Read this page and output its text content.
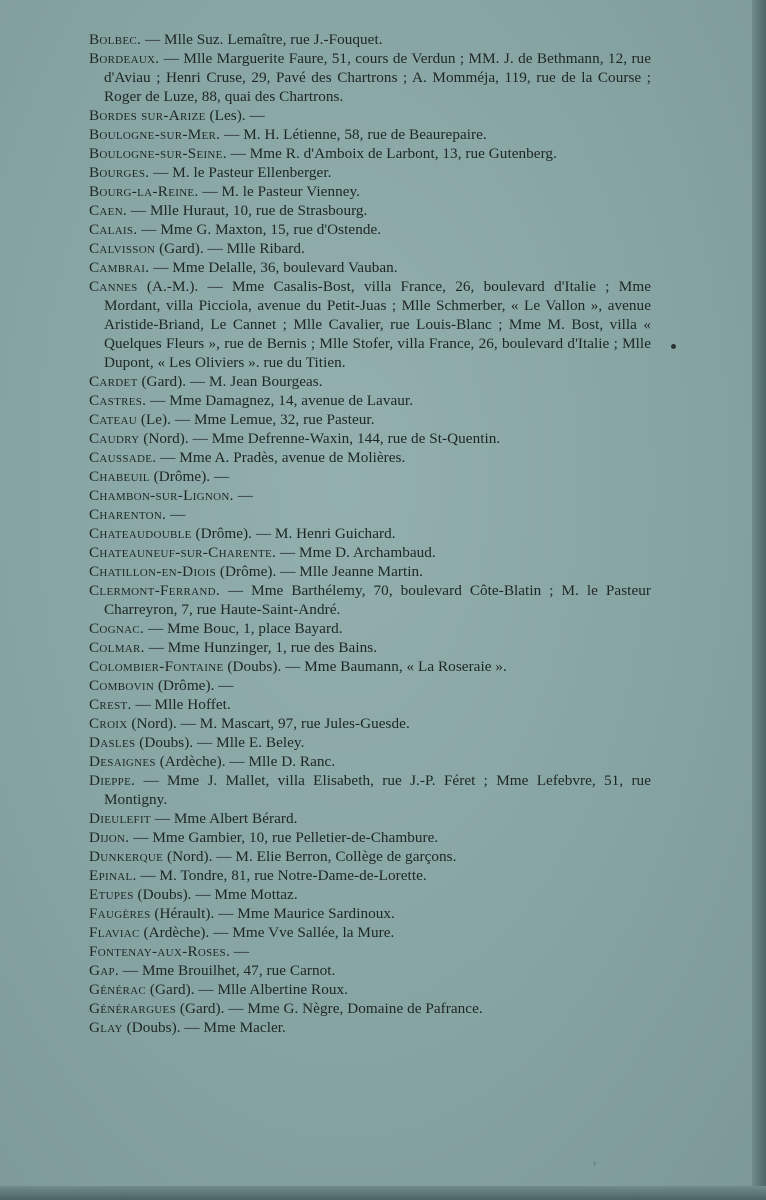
›

Bolbec. — Mlle Suz. Lemaître, rue J.-Fouquet.

Bordeaux. — Mlle Marguerite Faure, 51, cours de Verdun ; MM. J. de Bethmann, 12, rue d'Aviau ; Henri Cruse, 29, Pavé des Chartrons ; A. Momméja, 119, rue de la Course ; Roger de Luze, 88, quai des Chartrons.

Bordes sur-Arize (Les). —

Boulogne-sur-Mer. — M. H. Létienne, 58, rue de Beaurepaire.

Boulogne-sur-Seine. — Mme R. d'Amboix de Larbont, 13, rue Gutenberg.

Bourges. — M. le Pasteur Ellenberger.

Bourg-la-Reine. — M. le Pasteur Vienney.

Caen. — Mlle Huraut, 10, rue de Strasbourg.

Calais. — Mme G. Maxton, 15, rue d'Ostende.

Calvisson (Gard). — Mlle Ribard.

Cambrai. — Mme Delalle, 36, boulevard Vauban.

Cannes (A.-M.). — Mme Casalis-Bost, villa France, 26, boulevard d'Italie ; Mme Mordant, villa Picciola, avenue du Petit-Juas ; Mlle Schmerber, « Le Vallon », avenue Aristide-Briand, Le Cannet ; Mlle Cavalier, rue Louis-Blanc ; Mme M. Bost, villa « Quelques Fleurs », rue de Bernis ; Mlle Stofer, villa France, 26, boulevard d'Italie ; Mlle Dupont, « Les Oliviers ». rue du Titien.

Cardet (Gard). — M. Jean Bourgeas.

Castres. — Mme Damagnez, 14, avenue de Lavaur.

Cateau (Le). — Mme Lemue, 32, rue Pasteur.

Caudry (Nord). — Mme Defrenne-Waxin, 144, rue de St-Quentin.

Caussade. — Mme A. Pradès, avenue de Molières.

Chabeuil (Drôme). —

Chambon-sur-Lignon. —

Charenton. —

Chateaudouble (Drôme). — M. Henri Guichard.

Chateauneuf-sur-Charente. — Mme D. Archambaud.

Chatillon-en-Diois (Drôme). — Mlle Jeanne Martin.

Clermont-Ferrand. — Mme Barthélemy, 70, boulevard Côte-Blatin ; M. le Pasteur Charreyron, 7, rue Haute-Saint-André.

Cognac. — Mme Bouc, 1, place Bayard.

Colmar. — Mme Hunzinger, 1, rue des Bains.

Colombier-Fontaine (Doubs). — Mme Baumann, « La Roseraie ».

Combovin (Drôme). —

Crest. — Mlle Hoffet.

Croix (Nord). — M. Mascart, 97, rue Jules-Guesde.

Dasles (Doubs). — Mlle E. Beley.

Desaignes (Ardèche). — Mlle D. Ranc.

Dieppe. — Mme J. Mallet, villa Elisabeth, rue J.-P. Féret ; Mme Lefebvre, 51, rue Montigny.

Dieulefit — Mme Albert Bérard.

Dijon. — Mme Gambier, 10, rue Pelletier-de-Chambure.

Dunkerque (Nord). — M. Elie Berron, Collège de garçons.

Epinal. — M. Tondre, 81, rue Notre-Dame-de-Lorette.

Etupes (Doubs). — Mme Mottaz.

Faugères (Hérault). — Mme Maurice Sardinoux.

Flaviac (Ardèche). — Mme Vve Sallée, la Mure.

Fontenay-aux-Roses. —

Gap. — Mme Brouilhet, 47, rue Carnot.

Générac (Gard). — Mlle Albertine Roux.

Générargues (Gard). — Mme G. Nègre, Domaine de Pafrance.

Glay (Doubs). — Mme Macler.
